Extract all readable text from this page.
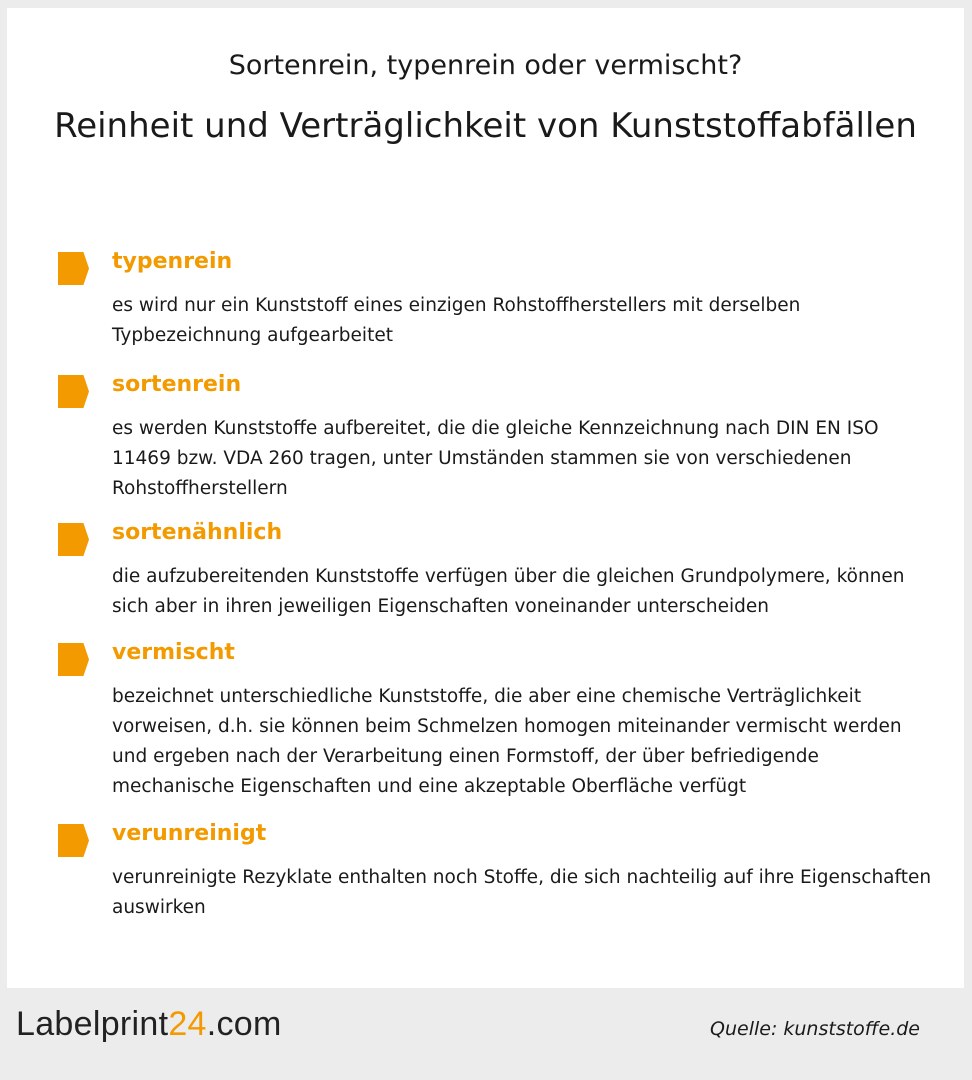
Sortenrein, typenrein oder vermischt?
Reinheit und Verträglichkeit von Kunststoffabfällen
typenrein
es wird nur ein Kunststoff eines einzigen Rohstoffherstellers mit derselben Typbezeichnung aufgearbeitet
sortenrein
es werden Kunststoffe aufbereitet, die die gleiche Kennzeichnung nach DIN EN ISO 11469 bzw. VDA 260 tragen, unter Umständen stammen sie von verschiedenen Rohstoffherstellern
sortenähnlich
die aufzubereitenden Kunststoffe verfügen über die gleichen Grundpolymere, können sich aber in ihren jeweiligen Eigenschaften voneinander unterscheiden
vermischt
bezeichnet unterschiedliche Kunststoffe, die aber eine chemische Verträglichkeit vorweisen, d.h. sie können beim Schmelzen homogen miteinander vermischt werden und ergeben nach der Verarbeitung einen Formstoff, der über befriedigende mechanische Eigenschaften und eine akzeptable Oberfläche verfügt
verunreinigt
verunreinigte Rezyklate enthalten noch Stoffe, die sich nachteilig auf ihre Eigenschaften auswirken
Labelprint24.com	Quelle: kunststoffe.de
